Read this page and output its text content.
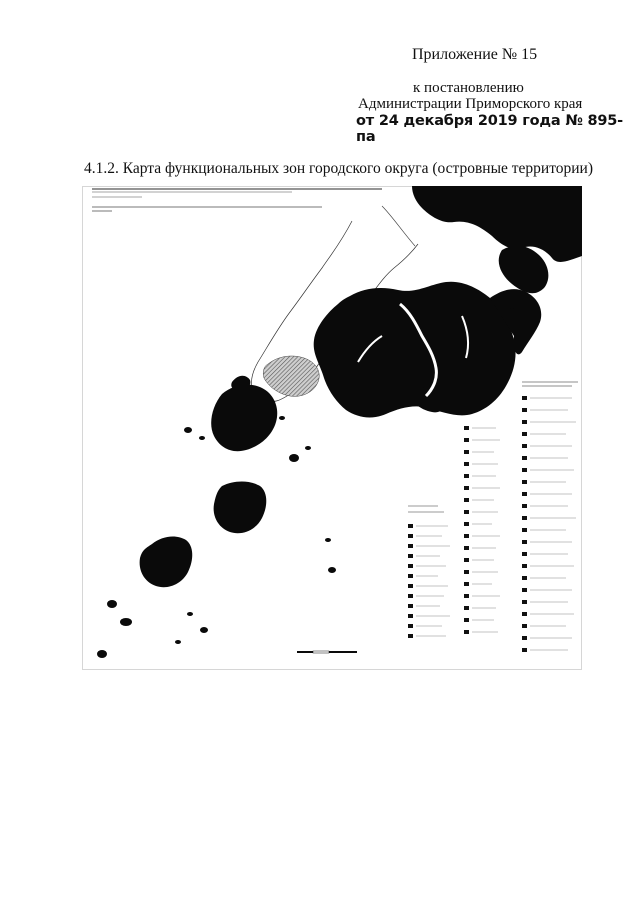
Приложение № 15
к постановлению
Администрации Приморского края
от 24 декабря 2019 года № 895-па
4.1.2. Карта функциональных зон городского округа (островные территории)
